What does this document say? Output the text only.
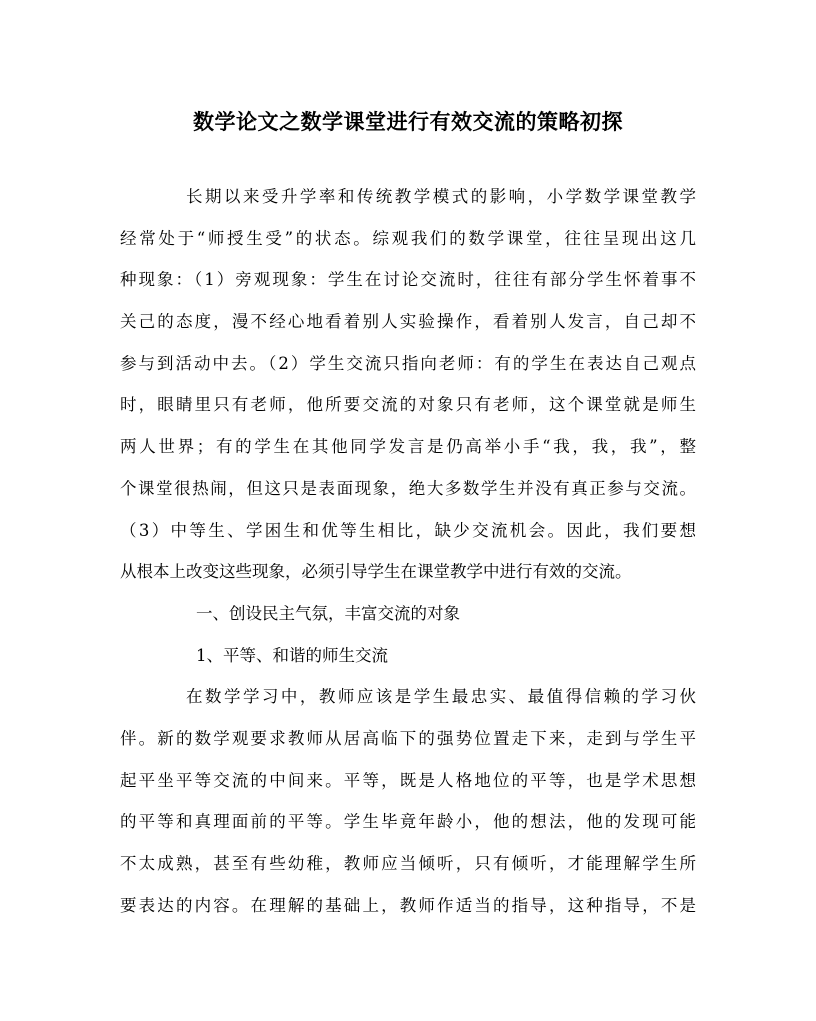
数学论文之数学课堂进行有效交流的策略初探
长期以来受升学率和传统教学模式的影响，小学数学课堂教学
经常处于“师授生受”的状态。综观我们的数学课堂，往往呈现出这几
种现象：（1）旁观现象：学生在讨论交流时，往往有部分学生怀着事不
关己的态度，漫不经心地看着别人实验操作，看着别人发言，自己却不
参与到活动中去。（2）学生交流只指向老师：有的学生在表达自己观点
时，眼睛里只有老师，他所要交流的对象只有老师，这个课堂就是师生
两人世界；有的学生在其他同学发言是仍高举小手“我，我，我”，整
个课堂很热闹，但这只是表面现象，绝大多数学生并没有真正参与交流。
（3）中等生、学困生和优等生相比，缺少交流机会。因此，我们要想
从根本上改变这些现象，必须引导学生在课堂教学中进行有效的交流。
一、创设民主气氛，丰富交流的对象
1、平等、和谐的师生交流
在数学学习中，教师应该是学生最忠实、最值得信赖的学习伙
伴。新的数学观要求教师从居高临下的强势位置走下来，走到与学生平
起平坐平等交流的中间来。平等，既是人格地位的平等，也是学术思想
的平等和真理面前的平等。学生毕竟年龄小，他的想法，他的发现可能
不太成熟，甚至有些幼稚，教师应当倾听，只有倾听，才能理解学生所
要表达的内容。在理解的基础上，教师作适当的指导，这种指导，不是
